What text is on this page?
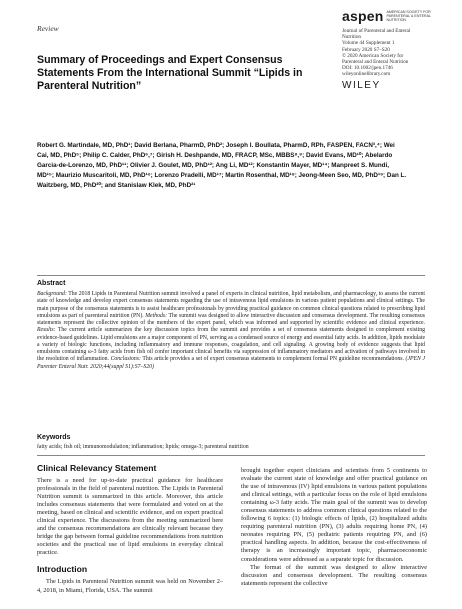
Review
aspen AMERICAN SOCIETY FOR PARENTERAL & ENTERAL NUTRITION
Journal of Parenteral and Enteral
Nutrition
Volume 44 Supplement 1
February 2020 S7–S20
© 2020 American Society for
Parenteral and Enteral Nutrition
DOI: 10.1002/jpen.1746
wileyonlinelibrary.com
WILEY
Summary of Proceedings and Expert Consensus Statements From the International Summit “Lipids in Parenteral Nutrition”
Robert G. Martindale, MD, PhD¹; David Berlana, PharmD, PhD²; Joseph I. Boullata, PharmD, RPh, FASPEN, FACN³,⁴; Wei Cai, MD, PhD⁵; Philip C. Calder, PhD⁶,⁷; Girish H. Deshpande, MD, FRACP, MSc, MBBS⁸,⁹; David Evans, MD¹⁰; Abelardo Garcia-de-Lorenzo, MD, PhD¹¹; Olivier J. Goulet, MD, PhD¹²; Ang Li, MD¹²; Konstantin Mayer, MD¹⁴; Manpreet S. Mundi, MD¹⁵; Maurizio Muscaritoli, MD, PhD¹⁶; Lorenzo Pradelli, MD¹⁷; Martin Rosenthal, MD¹⁸; Jeong-Meen Seo, MD, PhD¹⁹; Dan L. Waitzberg, MD, PhD²⁰; and Stanislaw Klek, MD, PhD²¹
Abstract
Background: The 2018 Lipids in Parenteral Nutrition summit involved a panel of experts in clinical nutrition, lipid metabolism, and pharmacology, to assess the current state of knowledge and develop expert consensus statements regarding the use of intravenous lipid emulsions in various patient populations and clinical settings. The main purpose of the consensus statements is to assist healthcare professionals by providing practical guidance on common clinical questions related to prescribing lipid emulsions as part of parenteral nutrition (PN). Methods: The summit was designed to allow interactive discussion and consensus development. The resulting consensus statements represent the collective opinion of the members of the expert panel, which was informed and supported by scientific evidence and clinical experience. Results: The current article summarizes the key discussion topics from the summit and provides a set of consensus statements designed to complement existing evidence-based guidelines. Lipid emulsions are a major component of PN, serving as a condensed source of energy and essential fatty acids. In addition, lipids modulate a variety of biologic functions, including inflammatory and immune responses, coagulation, and cell signaling. A growing body of evidence suggests that lipid emulsions containing ω-3 fatty acids from fish oil confer important clinical benefits via suppression of inflammatory mediators and activation of pathways involved in the resolution of inflammation. Conclusions: This article provides a set of expert consensus statements to complement formal PN guideline recommendations. (JPEN J Parenter Enteral Nutr. 2020;44(suppl S1):S7–S20)
Keywords
fatty acids; fish oil; immunomodulation; inflammation; lipids; omega-3; parenteral nutrition
Clinical Relevancy Statement

There is a need for up-to-date practical guidance for healthcare professionals in the field of parenteral nutrition. The Lipids in Parenteral Nutrition summit is summarized in this article. Moreover, this article includes consensus statements that were formulated and voted on at the meeting, based on clinical and scientific evidence, and on expert practical clinical experience. The discussions from the meeting summarized here and the consensus recommendations are clinically relevant because they bridge the gap between formal guideline recommendations from nutrition societies and the practical use of lipid emulsions in everyday clinical practice.

Introduction

The Lipids in Parenteral Nutrition summit was held on November 2–4, 2018, in Miami, Florida, USA. The summit

brought together expert clinicians and scientists from 5 continents to evaluate the current state of knowledge and offer practical guidance on the use of intravenous (IV) lipid emulsions in various patient populations and clinical settings, with a particular focus on the role of lipid emulsions containing ω-3 fatty acids. The main goal of the summit was to develop consensus statements to address common clinical questions related to the following 6 topics: (1) biologic effects of lipids, (2) hospitalized adults requiring parenteral nutrition (PN), (3) adults requiring home PN, (4) neonates requiring PN, (5) pediatric patients requiring PN, and (6) practical handling aspects. In addition, because the cost-effectiveness of therapy is an increasingly important topic, pharmacoeconomic considerations were addressed as a separate topic for discussion.

The format of the summit was designed to allow interactive discussion and consensus development. The resulting consensus statements represent the collective
